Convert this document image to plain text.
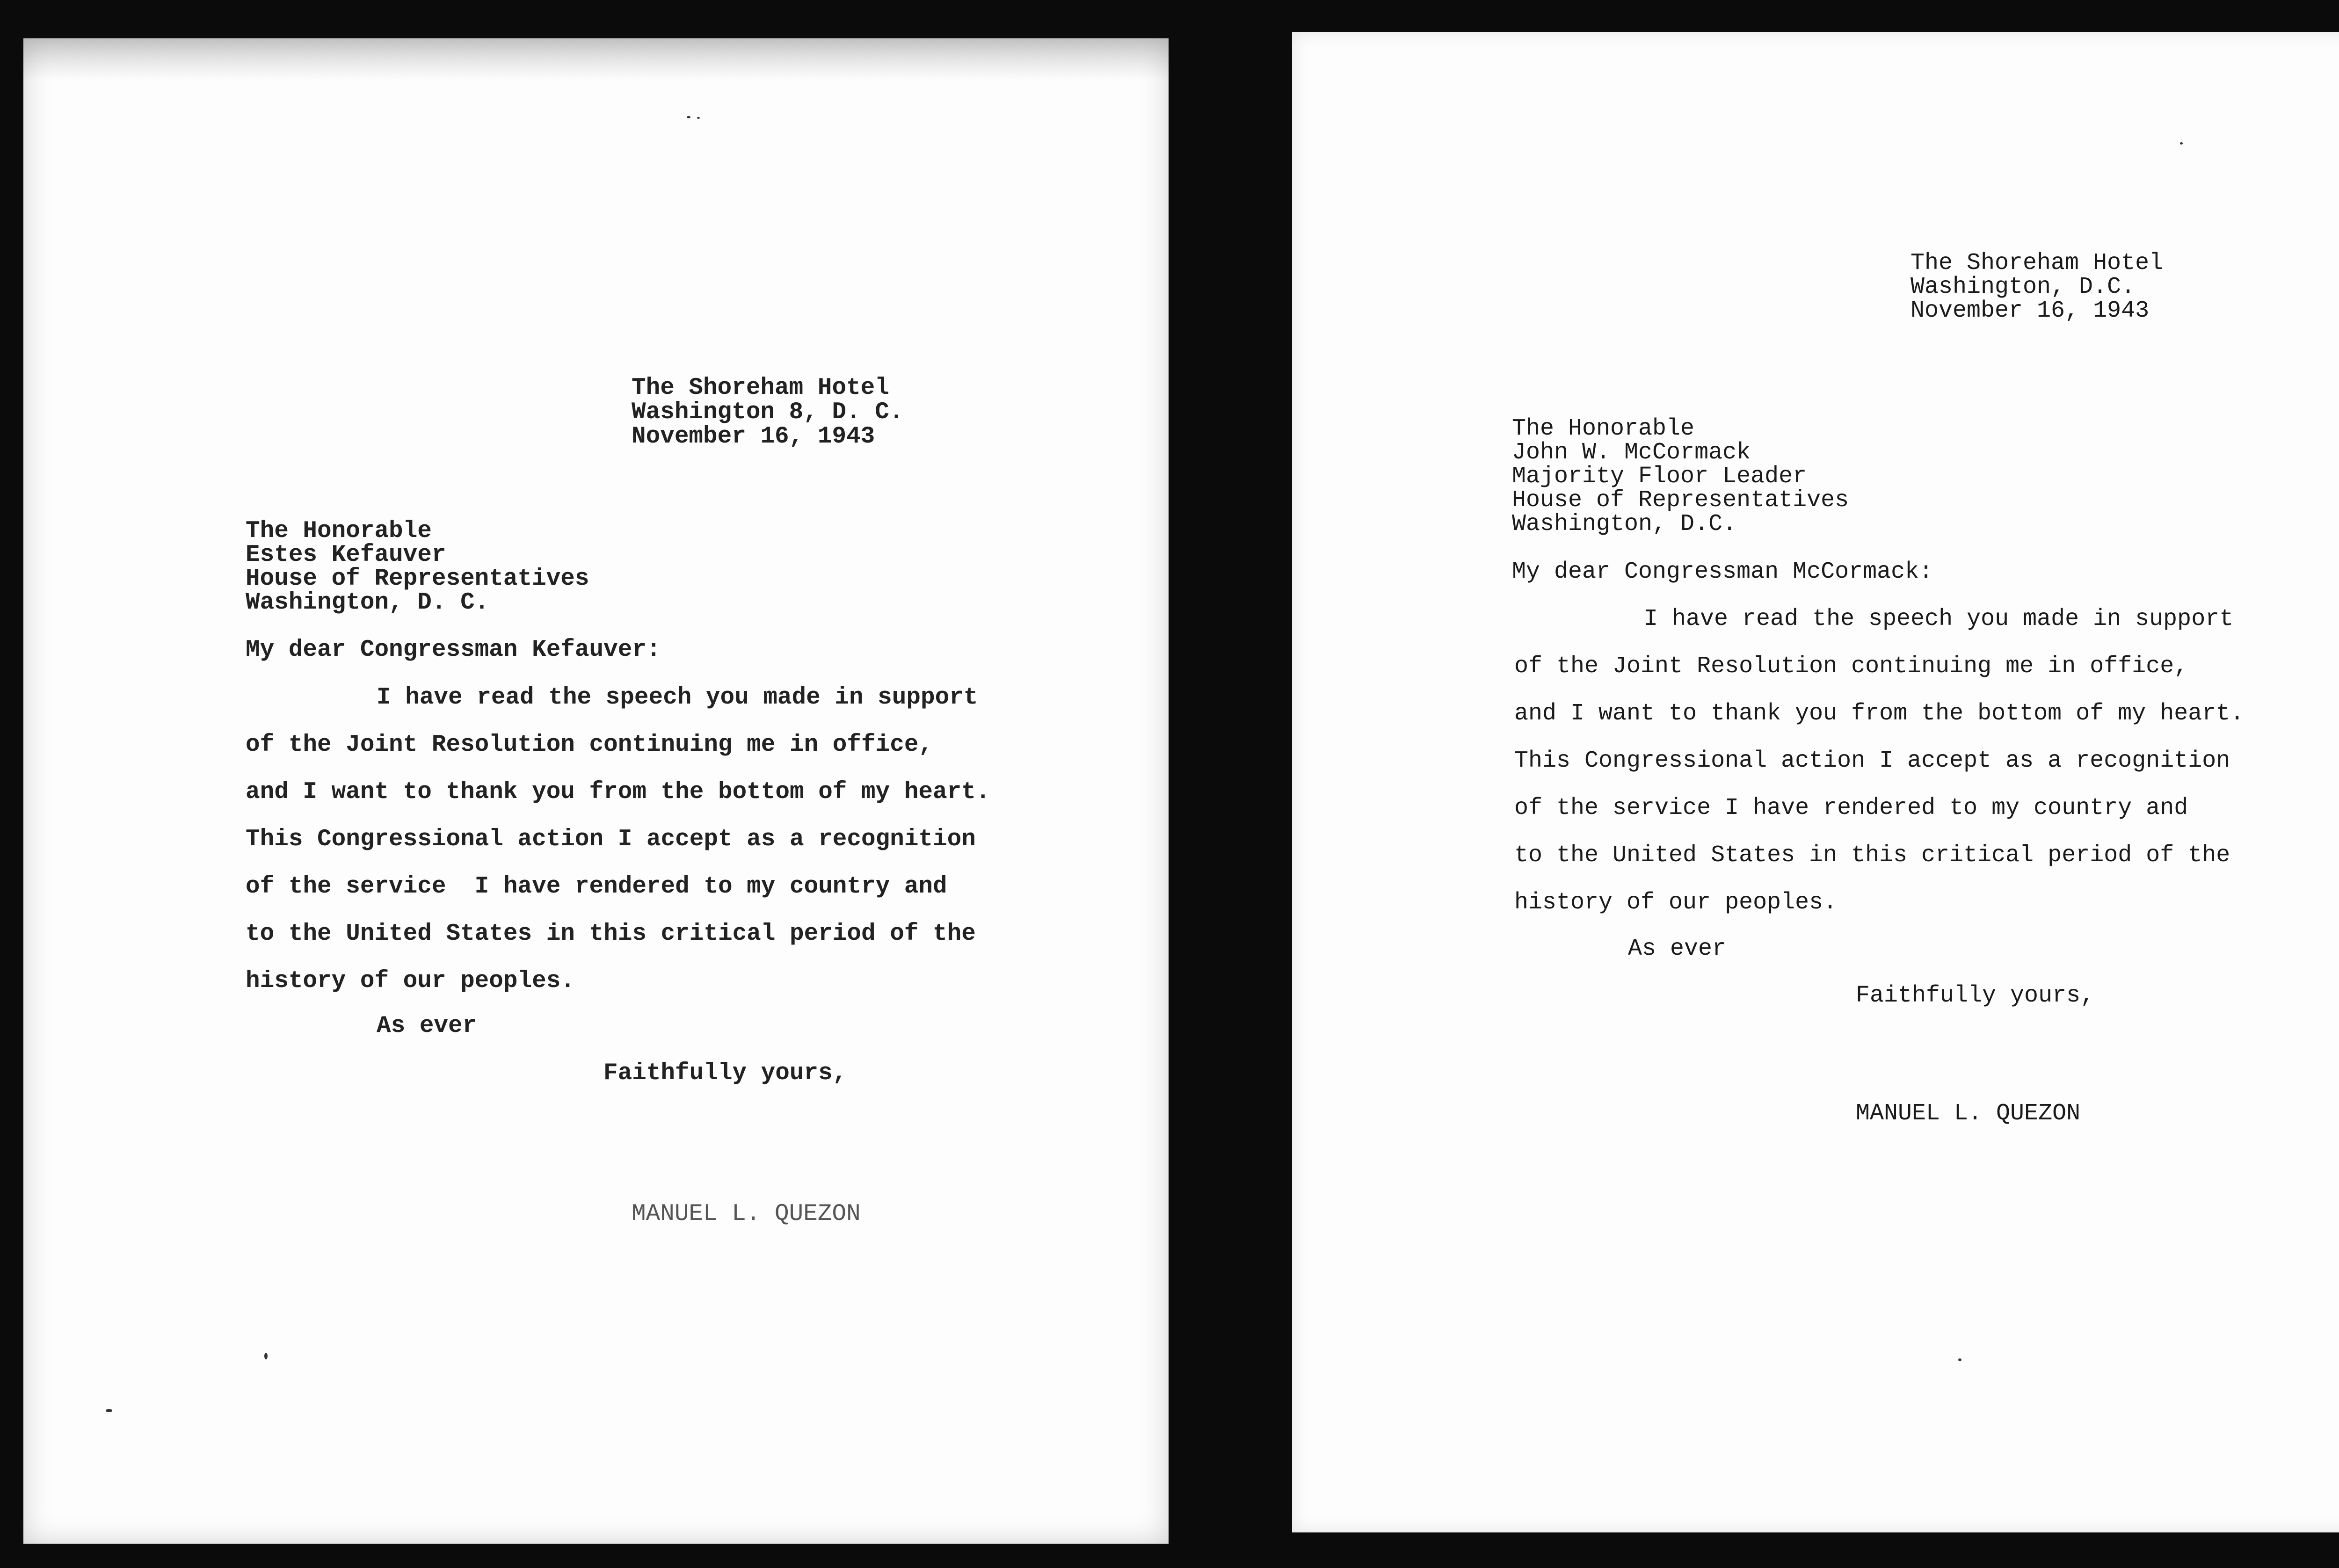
The Shoreham Hotel
Washington 8, D. C.
November 16, 1943
The Honorable
Estes Kefauver
House of Representatives
Washington, D. C.
My dear Congressman Kefauver:
I have read the speech you made in support
of the Joint Resolution continuing me in office,
and I want to thank you from the bottom of my heart.
This Congressional action I accept as a recognition
of the service  I have rendered to my country and
to the United States in this critical period of the
history of our peoples.
As ever
Faithfully yours,
MANUEL L. QUEZON
The Shoreham Hotel
Washington, D.C.
November 16, 1943
The Honorable
John W. McCormack
Majority Floor Leader
House of Representatives
Washington, D.C.
My dear Congressman McCormack:
I have read the speech you made in support
of the Joint Resolution continuing me in office,
and I want to thank you from the bottom of my heart.
This Congressional action I accept as a recognition
of the service I have rendered to my country and
to the United States in this critical period of the
history of our peoples.
As ever
Faithfully yours,
MANUEL L. QUEZON
